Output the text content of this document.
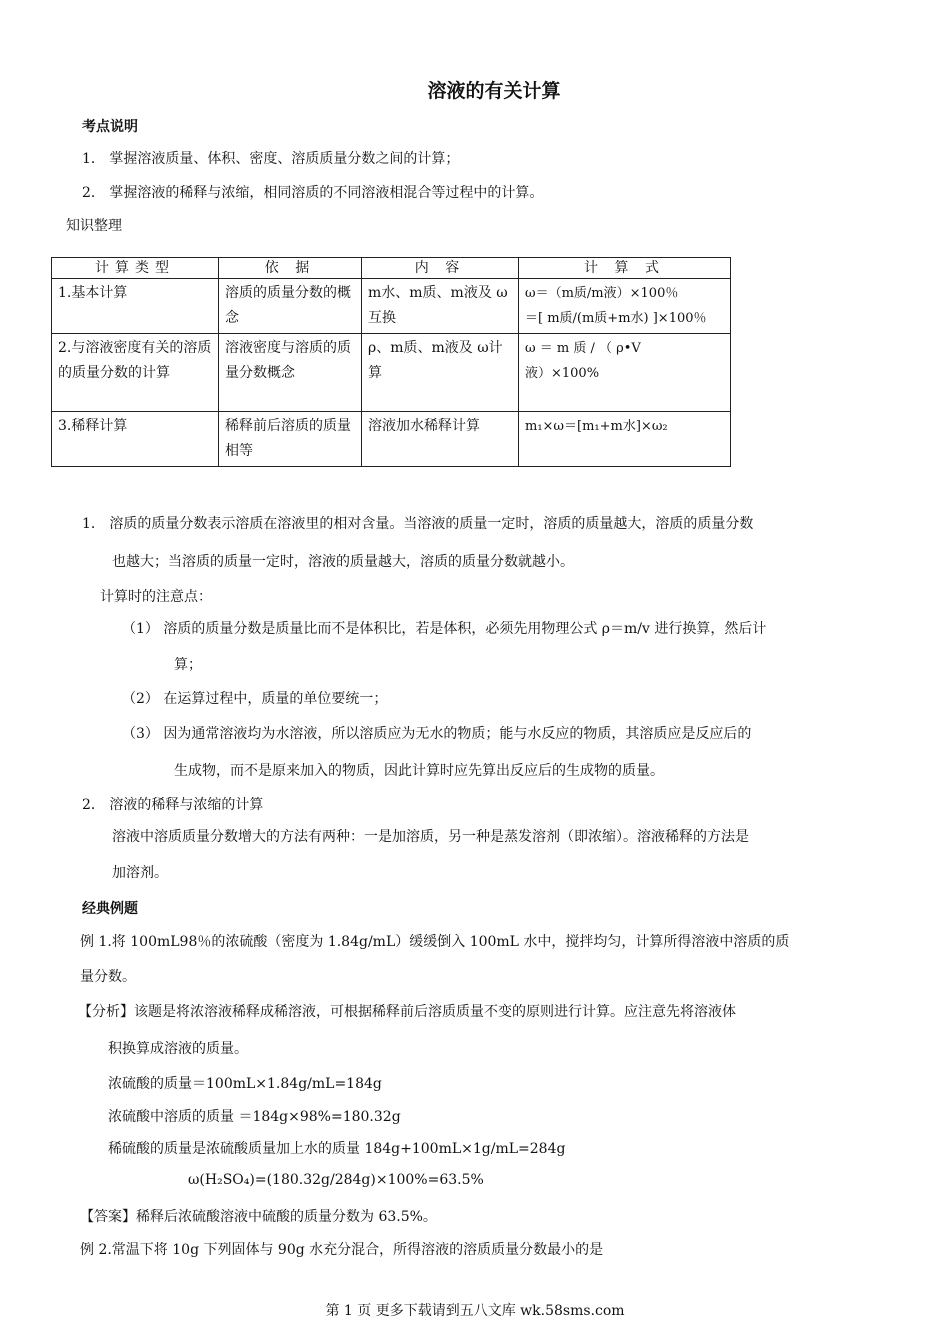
溶液的有关计算
考点说明
1． 掌握溶液质量、体积、密度、溶质质量分数之间的计算；
2． 掌握溶液的稀释与浓缩，相同溶质的不同溶液相混合等过程中的计算。
知识整理
计算类型	依 据	内 容	计 算 式
1.基本计算	溶质的质量分数的概念	m水、m质、m液及 ω互换	ω＝（m质/m液）×100％
＝[ m质/(m质+m水) ]×100％

2.与溶液密度有关的溶质的质量分数的计算	溶液密度与溶质的质量分数概念	ρ、m质、m液及 ω计算	ω ＝ m 质 / （ ρ•V
液）×100%

3.稀释计算	稀释前后溶质的质量相等	溶液加水稀释计算	m₁×ω＝[m₁+m水]×ω₂
1． 溶质的质量分数表示溶质在溶液里的相对含量。当溶液的质量一定时，溶质的质量越大，溶质的质量分数
也越大；当溶质的质量一定时，溶液的质量越大，溶质的质量分数就越小。
计算时的注意点：
（1） 溶质的质量分数是质量比而不是体积比，若是体积，必须先用物理公式 ρ＝m/v 进行换算，然后计
算；
（2） 在运算过程中，质量的单位要统一；
（3） 因为通常溶液均为水溶液，所以溶质应为无水的物质；能与水反应的物质，其溶质应是反应后的
生成物，而不是原来加入的物质，因此计算时应先算出反应后的生成物的质量。
2． 溶液的稀释与浓缩的计算
溶液中溶质质量分数增大的方法有两种：一是加溶质，另一种是蒸发溶剂（即浓缩）。溶液稀释的方法是
加溶剂。
经典例题
例 1.将 100mL98％的浓硫酸（密度为 1.84g/mL）缓缓倒入 100mL 水中，搅拌均匀，计算所得溶液中溶质的质
量分数。
【分析】该题是将浓溶液稀释成稀溶液，可根据稀释前后溶质质量不变的原则进行计算。应注意先将溶液体
积换算成溶液的质量。
浓硫酸的质量＝100mL×1.84g/mL=184g
浓硫酸中溶质的质量 ＝184g×98%=180.32g
稀硫酸的质量是浓硫酸质量加上水的质量 184g+100mL×1g/mL=284g
ω(H₂SO₄)=(180.32g/284g)×100%=63.5%
【答案】稀释后浓硫酸溶液中硫酸的质量分数为 63.5%。
例 2.常温下将 10g 下列固体与 90g 水充分混合，所得溶液的溶质质量分数最小的是
第 1 页 更多下载请到五八文库 wk.58sms.com
